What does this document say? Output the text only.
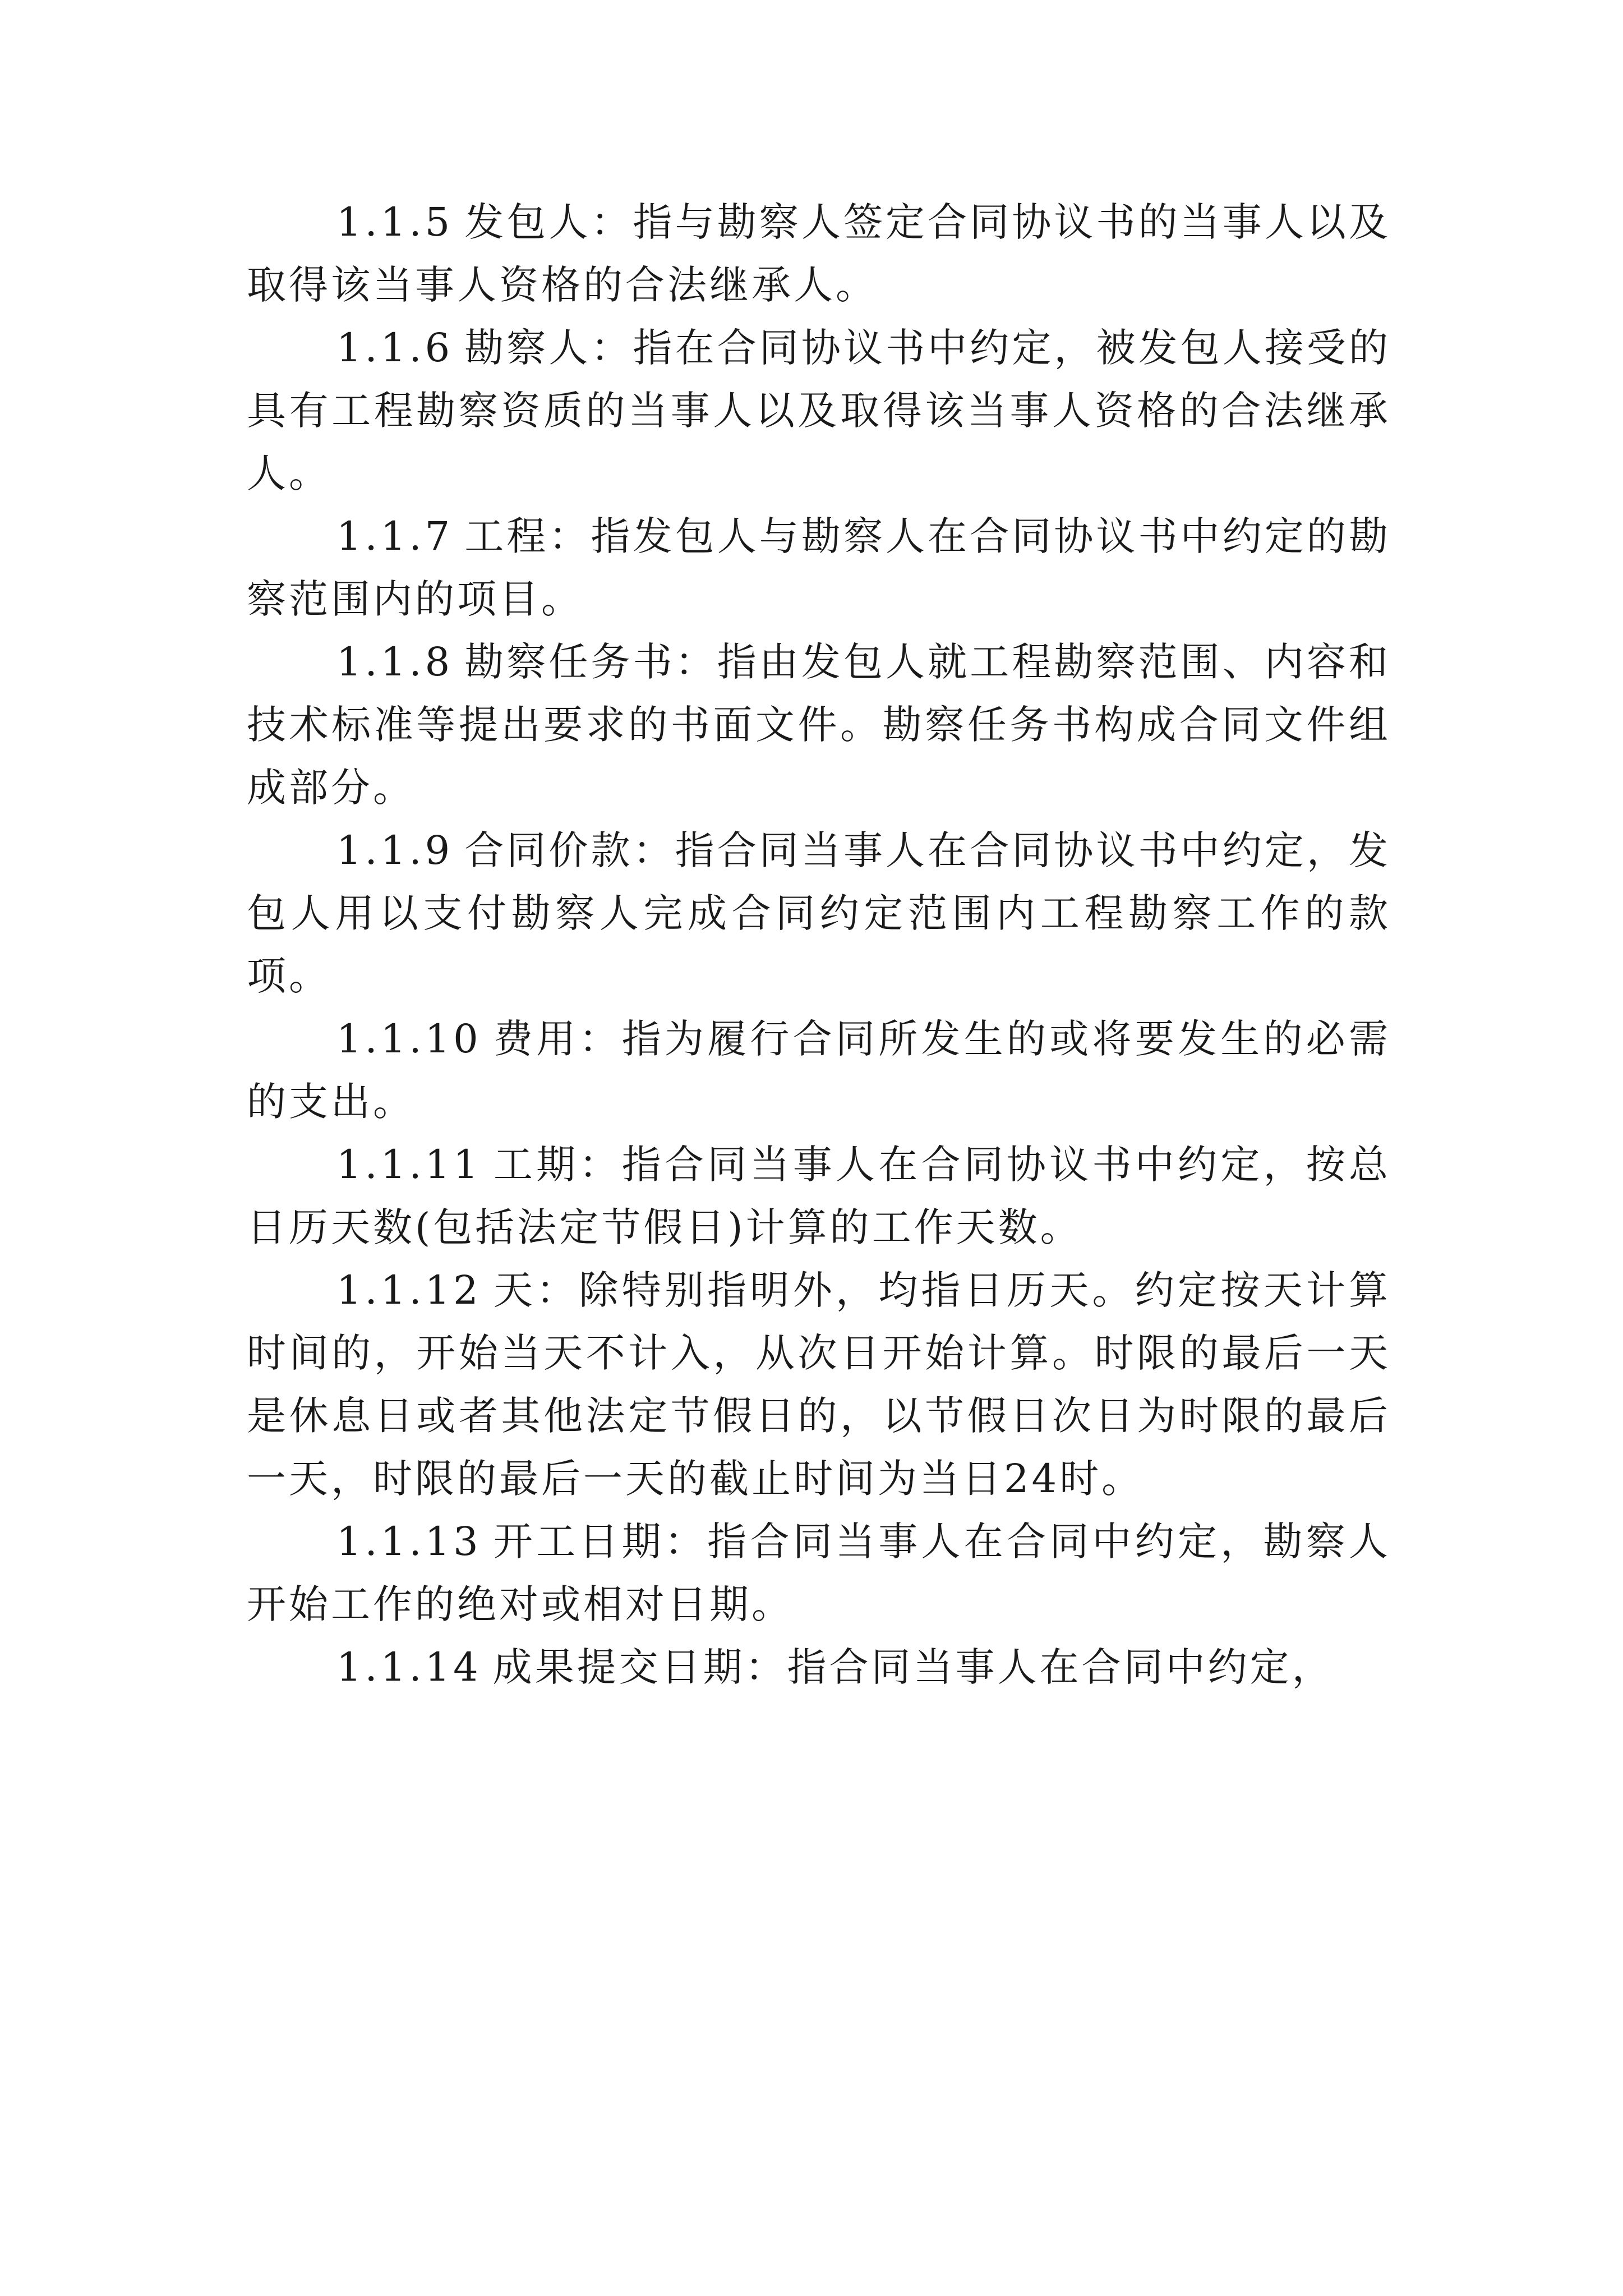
1.1.5 发包人：指与勘察人签定合同协议书的当事人以及取得该当事人资格的合法继承人。

1.1.6 勘察人：指在合同协议书中约定，被发包人接受的具有工程勘察资质的当事人以及取得该当事人资格的合法继承人。

1.1.7 工程：指发包人与勘察人在合同协议书中约定的勘察范围内的项目。

1.1.8 勘察任务书：指由发包人就工程勘察范围、内容和技术标准等提出要求的书面文件。勘察任务书构成合同文件组成部分。

1.1.9 合同价款：指合同当事人在合同协议书中约定，发包人用以支付勘察人完成合同约定范围内工程勘察工作的款项。

1.1.10 费用：指为履行合同所发生的或将要发生的必需的支出。

1.1.11 工期：指合同当事人在合同协议书中约定，按总日历天数(包括法定节假日)计算的工作天数。

1.1.12 天：除特别指明外，均指日历天。约定按天计算时间的，开始当天不计入，从次日开始计算。时限的最后一天是休息日或者其他法定节假日的，以节假日次日为时限的最后一天，时限的最后一天的截止时间为当日24时。

1.1.13 开工日期：指合同当事人在合同中约定，勘察人开始工作的绝对或相对日期。

1.1.14 成果提交日期：指合同当事人在合同中约定，
